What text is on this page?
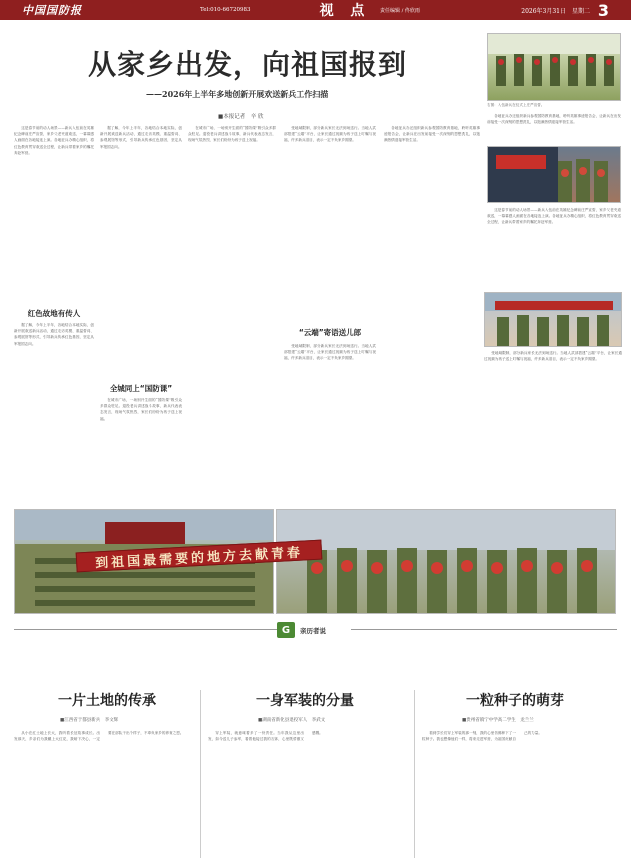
中国国防报	Tel:010-66720983	视 点	责任编辑 / 佟欣雨	2026年3月31日　星期二 3
从家乡出发，向祖国报到
——2026年上半年多地创新开展欢送新兵工作扫描
■本报记者　辛 欣

这是春节前的动人场景——新兵入伍前在英雄纪念碑前庄严宣誓，家乡父老夹道欢送，一幕幕感人画面在各地接连上演。各地征兵办精心组织，将红色教育贯穿欢送全过程，让新兵带着家乡的嘱托奔赴军营。

红色故地有传人

据了解，今年上半年，各地结合本地实际，创新开展欢送新兵活动，通过走访英模、重温誓词、参观展馆等形式，引导新兵传承红色基因，坚定从军报国志向。

据了解，今年上半年，各地结合本地实际，创新开展欢送新兵活动，通过走访英模、重温誓词、参观展馆等形式，引导新兵传承红色基因，坚定从军报国志向。

全城同上“国防课”

在城市广场，一场别开生面的“国防课”吸引众多群众驻足。退役老兵讲述战斗故事，新兵代表表态发言，现场气氛热烈，家长们纷纷为孩子送上祝福。

在城市广场，一场别开生面的“国防课”吸引众多群众驻足。退役老兵讲述战斗故事，新兵代表表态发言，现场气氛热烈，家长们纷纷为孩子送上祝福。

受地域限制，部分新兵家长无法到场送行。当地人武部搭建“云端”平台，让家长通过视频为孩子送上叮嘱与祝福，许多新兵泪目，表示一定不负家乡期望。

“云端”寄语送儿郎

受地域限制，部分新兵家长无法到场送行。当地人武部搭建“云端”平台，让家长通过视频为孩子送上叮嘱与祝福，许多新兵泪目，表示一定不负家乡期望。

各地征兵办还组织新兵参观国防教育基地，聆听英雄事迹报告会，让新兵在出发前接受一次深刻的思想洗礼，以饱满热情迎接军营生活。

右图：入伍新兵在仪式上庄严宣誓。

各地征兵办还组织新兵参观国防教育基地，聆听英雄事迹报告会，让新兵在出发前接受一次深刻的思想洗礼，以饱满热情迎接军营生活。

这是春节前的动人场景——新兵入伍前在英雄纪念碑前庄严宣誓，家乡父老夹道欢送，一幕幕感人画面在各地接连上演。各地征兵办精心组织，将红色教育贯穿欢送全过程，让新兵带着家乡的嘱托奔赴军营。

受地域限制，部分新兵家长无法到场送行。当地人武部搭建“云端”平台，让家长通过视频为孩子送上叮嘱与祝福，许多新兵泪目，表示一定不负家乡期望。

到祖国最需要的地方去献青春
G	亲历者说
一片土地的传承
■江西省于都县新兵　李文辉

从小在红土地上长大，我听着长征故事成长。出发那天，乡亲们为我戴上大红花，我暗下决心，一定要在部队干出个样子，不辜负家乡的养育之恩。

一身军装的分量
■湖南省新化县退役军人　李武文

穿上军装，就意味着多了一份责任。当年我从这里出发，如今送儿子参军，看着他接过我的衣钵，心里既骄傲又感慨。

一粒种子的萌芽
■贵州省镇宁中学高二学生　龙兰兰

看到学长们穿上军装的那一刻，我的心里仿佛种下了一粒种子。我也想像他们一样，将来走进军营，为祖国贡献自己的力量。
